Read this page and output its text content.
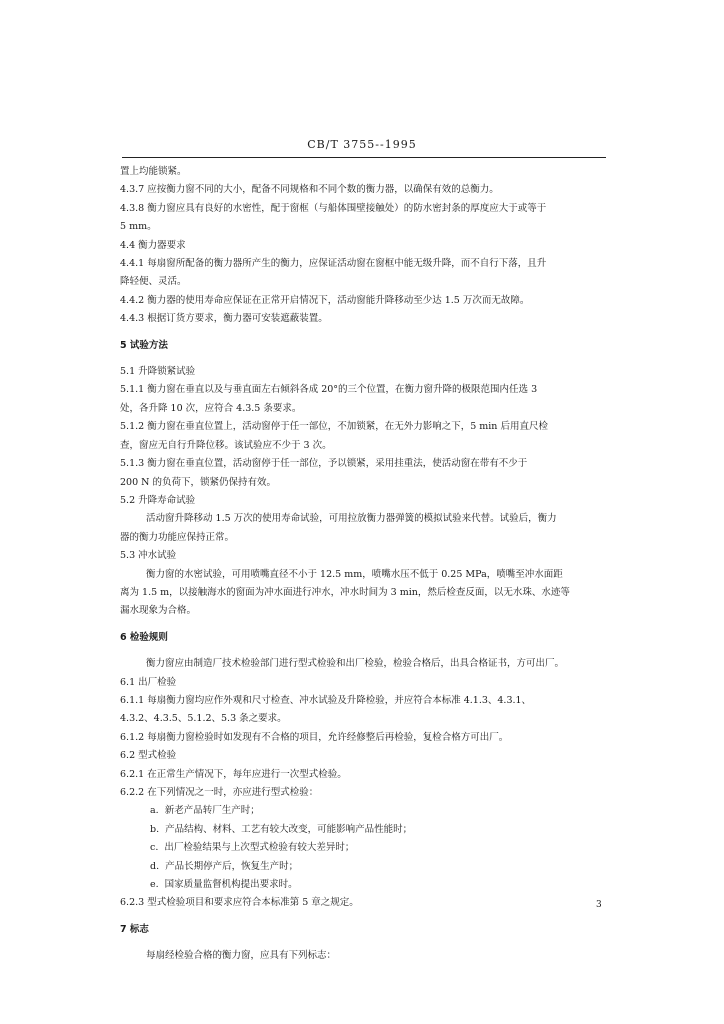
CB/T 3755--1995

置上均能锁紧。

4.3.7 应按衡力窗不同的大小，配备不同规格和不同个数的衡力器，以确保有效的总衡力。

4.3.8 衡力窗应具有良好的水密性，配于窗框（与船体围壁接触处）的防水密封条的厚度应大于或等于

5 mm。

4.4 衡力器要求

4.4.1 每扇窗所配备的衡力器所产生的衡力，应保证活动窗在窗框中能无级升降，而不自行下落，且升

降轻便、灵活。

4.4.2 衡力器的使用寿命应保证在正常开启情况下，活动窗能升降移动至少达 1.5 万次而无故障。

4.4.3 根据订货方要求，衡力器可安装遮蔽装置。

5 试验方法

5.1 升降锁紧试验

5.1.1 衡力窗在垂直以及与垂直面左右倾斜各成 20°的三个位置，在衡力窗升降的极限范围内任选 3

处，各升降 10 次，应符合 4.3.5 条要求。

5.1.2 衡力窗在垂直位置上，活动窗停于任一部位，不加锁紧，在无外力影响之下，5 min 后用直尺检

查，窗应无自行升降位移。该试验应不少于 3 次。

5.1.3 衡力窗在垂直位置，活动窗停于任一部位，予以锁紧，采用挂重法，使活动窗在带有不少于

200 N 的负荷下，锁紧仍保持有效。

5.2 升降寿命试验

活动窗升降移动 1.5 万次的使用寿命试验，可用拉放衡力器弹簧的模拟试验来代替。试验后，衡力

器的衡力功能应保持正常。

5.3 冲水试验

衡力窗的水密试验，可用喷嘴直径不小于 12.5 mm，喷嘴水压不低于 0.25 MPa，喷嘴至冲水面距

离为 1.5 m，以接触海水的窗面为冲水面进行冲水，冲水时间为 3 min，然后检查反面，以无水珠、水迹等

漏水现象为合格。

6 检验规则

衡力窗应由制造厂技术检验部门进行型式检验和出厂检验，检验合格后，出具合格证书，方可出厂。

6.1 出厂检验

6.1.1 每扇衡力窗均应作外观和尺寸检查、冲水试验及升降检验，并应符合本标准 4.1.3、4.3.1、

4.3.2、4.3.5、5.1.2、5.3 条之要求。

6.1.2 每扇衡力窗检验时如发现有不合格的项目，允许经修整后再检验，复检合格方可出厂。

6.2 型式检验

6.2.1 在正常生产情况下，每年应进行一次型式检验。

6.2.2 在下列情况之一时，亦应进行型式检验：

a. 新老产品转厂生产时；

b. 产品结构、材料、工艺有较大改变，可能影响产品性能时；

c. 出厂检验结果与上次型式检验有较大差异时；

d. 产品长期停产后，恢复生产时；

e. 国家质量监督机构提出要求时。

6.2.3 型式检验项目和要求应符合本标准第 5 章之规定。

7 标志

每扇经检验合格的衡力窗，应具有下列标志：

3
